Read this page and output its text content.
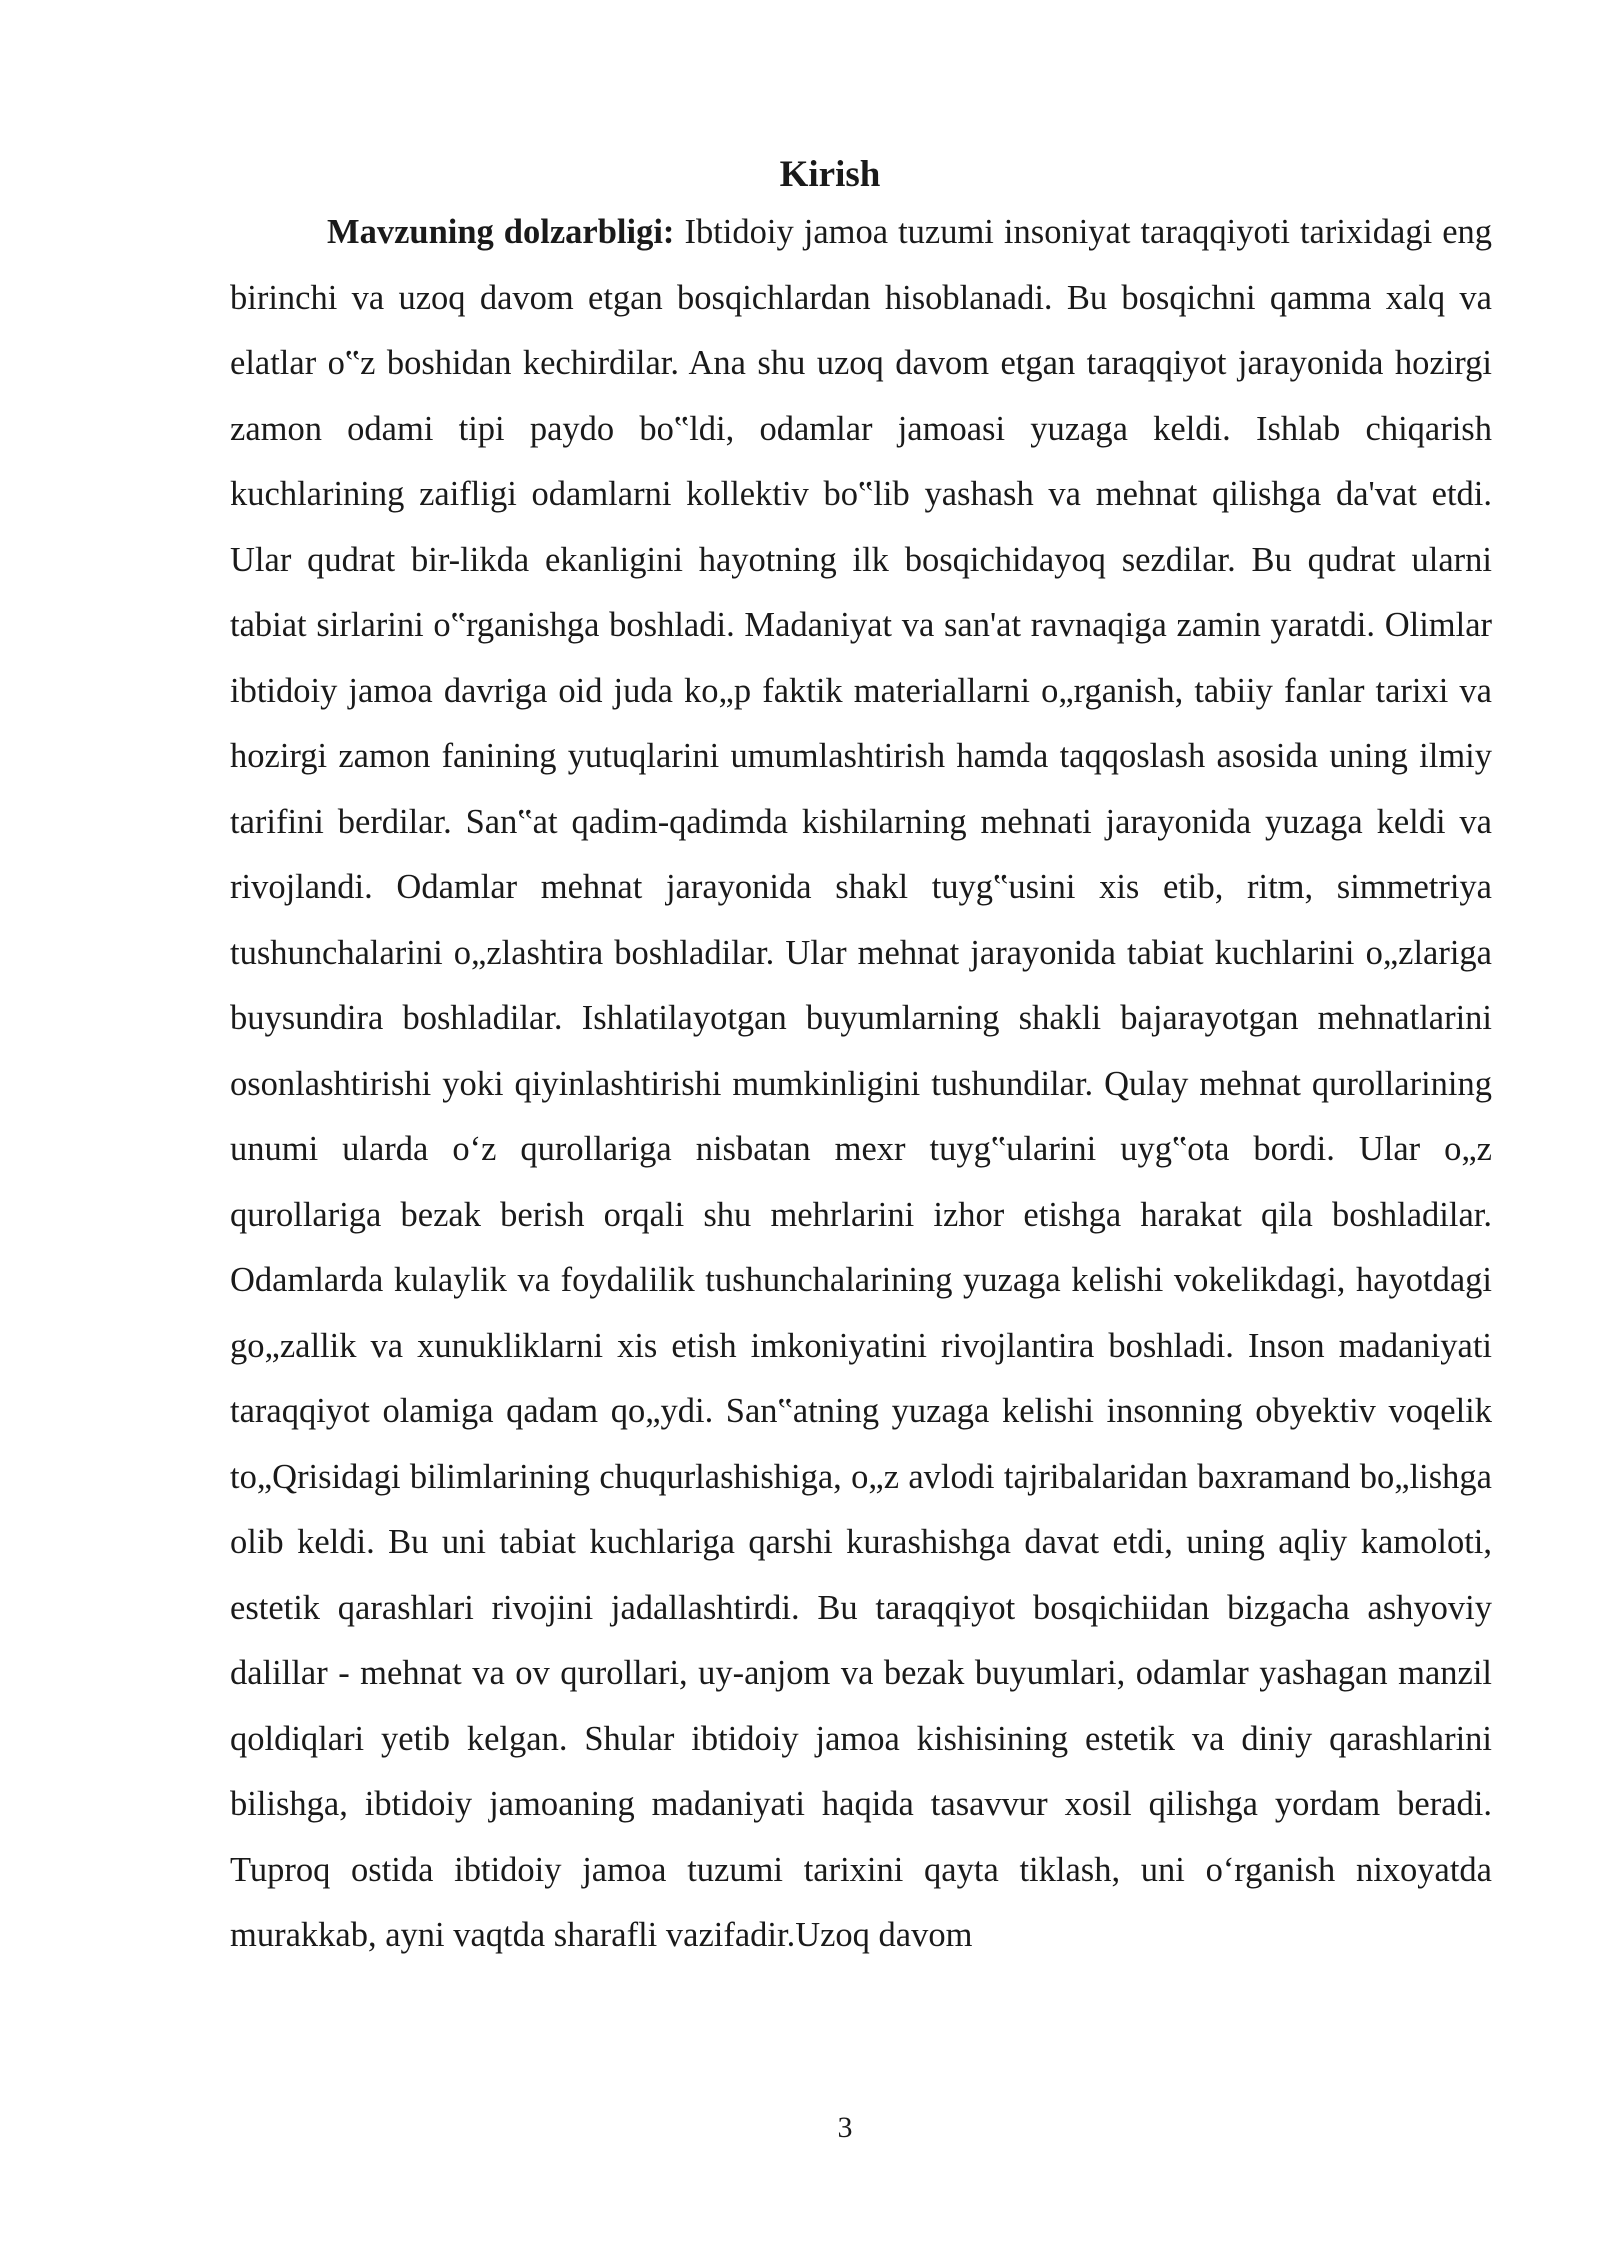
Kirish

Mavzuning dolzarbligi: Ibtidoiy jamoa tuzumi insoniyat taraqqiyoti tarixidagi eng birinchi va uzoq davom etgan bosqichlardan hisoblanadi. Bu bosqichni qamma xalq va elatlar o‟z boshidan kechirdilar. Ana shu uzoq davom etgan taraqqiyot jarayonida hozirgi zamon odami tipi paydo bo‟ldi, odamlar jamoasi yuzaga keldi. Ishlab chiqarish kuchlarining zaifligi odamlarni kollektiv bo‟lib yashash va mehnat qilishga da'vat etdi. Ular qudrat bir-likda ekanligini hayotning ilk bosqichidayoq sezdilar. Bu qudrat ularni tabiat sirlarini o‟rganishga boshladi. Madaniyat va san'at ravnaqiga zamin yaratdi. Olimlar ibtidoiy jamoa davriga oid juda ko„p faktik materiallarni o„rganish, tabiiy fanlar tarixi va hozirgi zamon fanining yutuqlarini umumlashtirish hamda taqqoslash asosida uning ilmiy tarifini berdilar. San‟at qadim-qadimda kishilarning mehnati jarayonida yuzaga keldi va rivojlandi. Odamlar mehnat jarayonida shakl tuyg‟usini xis etib, ritm, simmetriya tushunchalarini o„zlashtira boshladilar. Ular mehnat jarayonida tabiat kuchlarini o„zlariga buysundira boshladilar. Ishlatilayotgan buyumlarning shakli bajarayotgan mehnatlarini osonlashtirishi yoki qiyinlashtirishi mumkinligini tushundilar. Qulay mehnat qurollarining unumi ularda o‘z qurollariga nisbatan mexr tuyg‟ularini uyg‟ota bordi. Ular o„z qurollariga bezak berish orqali shu mehrlarini izhor etishga harakat qila boshladilar. Odamlarda kulaylik va foydalilik tushunchalarining yuzaga kelishi vokelikdagi, hayotdagi go„zallik va xunukliklarni xis etish imkoniyatini rivojlantira boshladi. Inson madaniyati taraqqiyot olamiga qadam qo„ydi. San‟atning yuzaga kelishi insonning obyektiv voqelik to„Qrisidagi bilimlarining chuqurlashishiga, o„z avlodi tajribalaridan baxramand bo„lishga olib keldi. Bu uni tabiat kuchlariga qarshi kurashishga davat etdi, uning aqliy kamoloti, estetik qarashlari rivojini jadallashtirdi. Bu taraqqiyot bosqichiidan bizgacha ashyoviy dalillar - mehnat va ov qurollari, uy-anjom va bezak buyumlari, odamlar yashagan manzil qoldiqlari yetib kelgan. Shular ibtidoiy jamoa kishisining estetik va diniy qarashlarini bilishga, ibtidoiy jamoaning madaniyati haqida tasavvur xosil qilishga yordam beradi. Tuproq ostida ibtidoiy jamoa tuzumi tarixini qayta tiklash, uni o‘rganish nixoyatda murakkab, ayni vaqtda sharafli vazifadir.Uzoq davom

3
